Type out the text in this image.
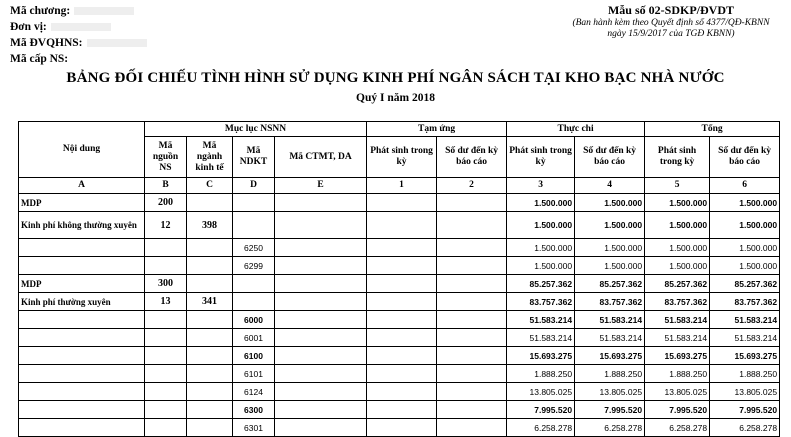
Mã chương:
Đơn vị:
Mã ĐVQHNS:
Mã cấp NS:
Mẫu số 02-SDKP/ĐVDT
(Ban hành kèm theo Quyết định số 4377/QĐ-KBNN
ngày 15/9/2017 của TGĐ KBNN)
BẢNG ĐỐI CHIẾU TÌNH HÌNH SỬ DỤNG KINH PHÍ NGÂN SÁCH TẠI KHO BẠC NHÀ NƯỚC
Quý I năm 2018
Nội dung	Mục lục NSNN				Tạm ứng		Thực chi		Tổng	
	Mã nguồn NS	Mã ngành kinh tế	Mã NDKT	Mã CTMT, DA	Phát sinh trong kỳ	Số dư đến kỳ báo cáo	Phát sinh trong kỳ	Số dư đến kỳ báo cáo	Phát sinh trong kỳ	Số dư đến kỳ báo cáo
A	B	C	D	E	1	2	3	4	5	6
MDP	200						1.500.000	1.500.000	1.500.000	1.500.000
Kinh phí không thường xuyên	12	398					1.500.000	1.500.000	1.500.000	1.500.000
			6250				1.500.000	1.500.000	1.500.000	1.500.000
			6299				1.500.000	1.500.000	1.500.000	1.500.000
MDP	300						85.257.362	85.257.362	85.257.362	85.257.362
Kinh phí thường xuyên	13	341					83.757.362	83.757.362	83.757.362	83.757.362
			6000				51.583.214	51.583.214	51.583.214	51.583.214
			6001				51.583.214	51.583.214	51.583.214	51.583.214
			6100				15.693.275	15.693.275	15.693.275	15.693.275
			6101				1.888.250	1.888.250	1.888.250	1.888.250
			6124				13.805.025	13.805.025	13.805.025	13.805.025
			6300				7.995.520	7.995.520	7.995.520	7.995.520
			6301				6.258.278	6.258.278	6.258.278	6.258.278
